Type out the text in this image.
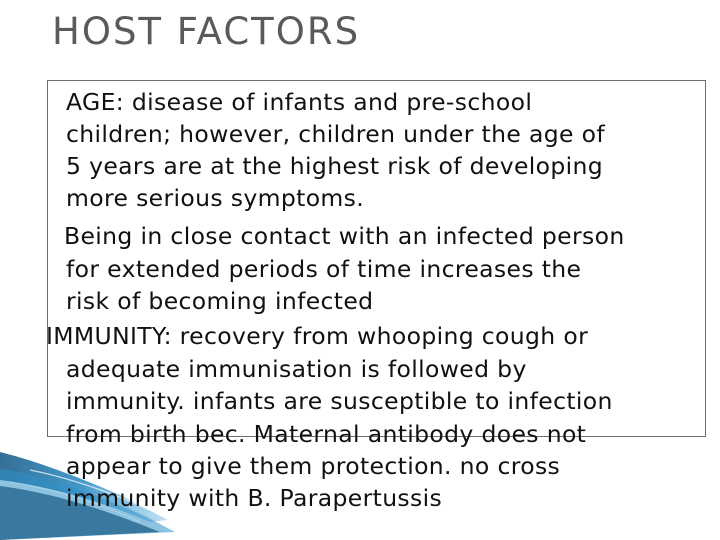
HOST FACTORS
AGE: disease of infants and pre-school
children; however, children under the age of
5 years are at the highest risk of developing
more serious symptoms.
Being in close contact with an infected person
for extended periods of time increases the
risk of becoming infected
IMMUNITY: recovery from whooping cough or
adequate immunisation is followed by
immunity. infants are susceptible to infection
from birth bec. Maternal antibody does not
appear to give them protection. no cross
immunity with B. Parapertussis
